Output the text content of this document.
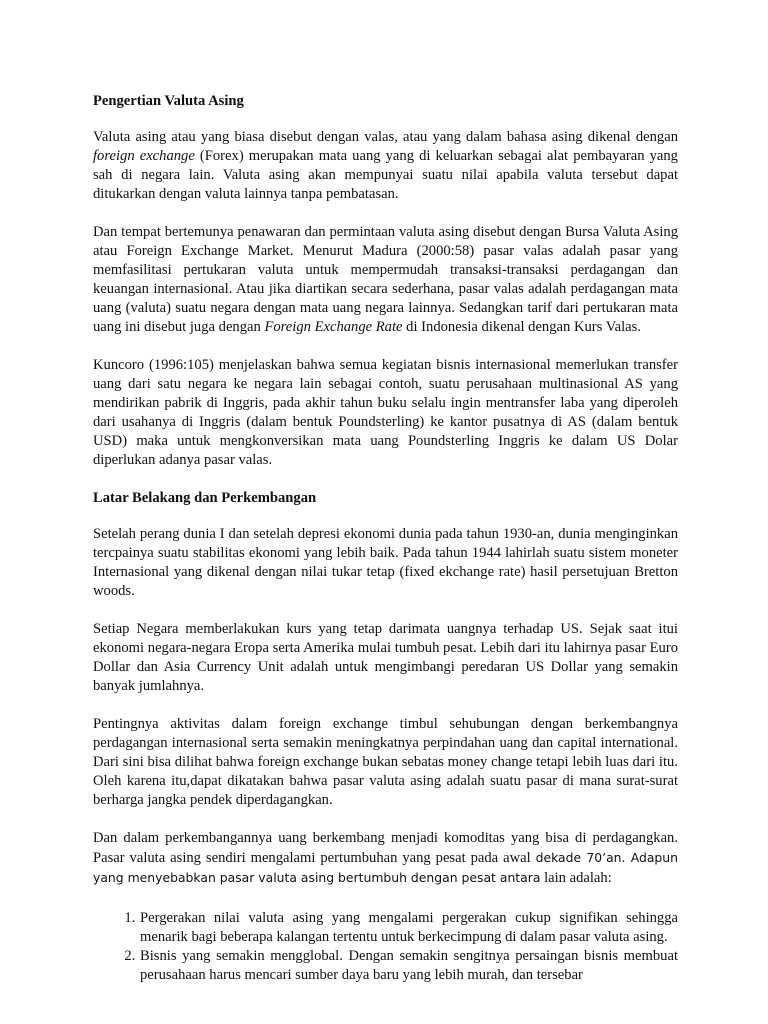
Pengertian Valuta Asing

Valuta asing atau yang biasa disebut dengan valas, atau yang dalam bahasa asing dikenal dengan foreign exchange (Forex) merupakan mata uang yang di keluarkan sebagai alat pembayaran yang sah di negara lain. Valuta asing akan mempunyai suatu nilai apabila valuta tersebut dapat ditukarkan dengan valuta lainnya tanpa pembatasan.

Dan tempat bertemunya penawaran dan permintaan valuta asing disebut dengan Bursa Valuta Asing atau Foreign Exchange Market. Menurut Madura (2000:58) pasar valas adalah pasar yang memfasilitasi pertukaran valuta untuk mempermudah transaksi-transaksi perdagangan dan keuangan internasional. Atau jika diartikan secara sederhana, pasar valas adalah perdagangan mata uang (valuta) suatu negara dengan mata uang negara lainnya. Sedangkan tarif dari pertukaran mata uang ini disebut juga dengan Foreign Exchange Rate di Indonesia dikenal dengan Kurs Valas.

Kuncoro (1996:105) menjelaskan bahwa semua kegiatan bisnis internasional memerlukan transfer uang dari satu negara ke negara lain sebagai contoh, suatu perusahaan multinasional AS yang mendirikan pabrik di Inggris, pada akhir tahun buku selalu ingin mentransfer laba yang diperoleh dari usahanya di Inggris (dalam bentuk Poundsterling) ke kantor pusatnya di AS (dalam bentuk USD) maka untuk mengkonversikan mata uang Poundsterling Inggris ke dalam US Dolar diperlukan adanya pasar valas.

Latar Belakang dan Perkembangan

Setelah perang dunia I dan setelah depresi ekonomi dunia pada tahun 1930-an, dunia menginginkan tercpainya suatu stabilitas ekonomi yang lebih baik. Pada tahun 1944 lahirlah suatu sistem moneter Internasional yang dikenal dengan nilai tukar tetap (fixed ekchange rate) hasil persetujuan Bretton woods.

Setiap Negara memberlakukan kurs yang tetap darimata uangnya terhadap US. Sejak saat itui ekonomi negara-negara Eropa serta Amerika mulai tumbuh pesat. Lebih dari itu lahirnya pasar Euro Dollar dan Asia Currency Unit adalah untuk mengimbangi peredaran US Dollar yang semakin banyak jumlahnya.

Pentingnya aktivitas dalam foreign exchange timbul sehubungan dengan berkembangnya perdagangan internasional serta semakin meningkatnya perpindahan uang dan capital international. Dari sini bisa dilihat bahwa foreign exchange bukan sebatas money change tetapi lebih luas dari itu. Oleh karena itu,dapat dikatakan bahwa pasar valuta asing adalah suatu pasar di mana surat-surat berharga jangka pendek diperdagangkan.

Dan dalam perkembangannya uang berkembang menjadi komoditas yang bisa di perdagangkan. Pasar valuta asing sendiri mengalami pertumbuhan yang pesat pada awal dekade 70’an. Adapun yang menyebabkan pasar valuta asing bertumbuh dengan pesat antara lain adalah:

1. Pergerakan nilai valuta asing yang mengalami pergerakan cukup signifikan sehingga menarik bagi beberapa kalangan tertentu untuk berkecimpung di dalam pasar valuta asing.
2. Bisnis yang semakin mengglobal. Dengan semakin sengitnya persaingan bisnis membuat perusahaan harus mencari sumber daya baru yang lebih murah, dan tersebar
